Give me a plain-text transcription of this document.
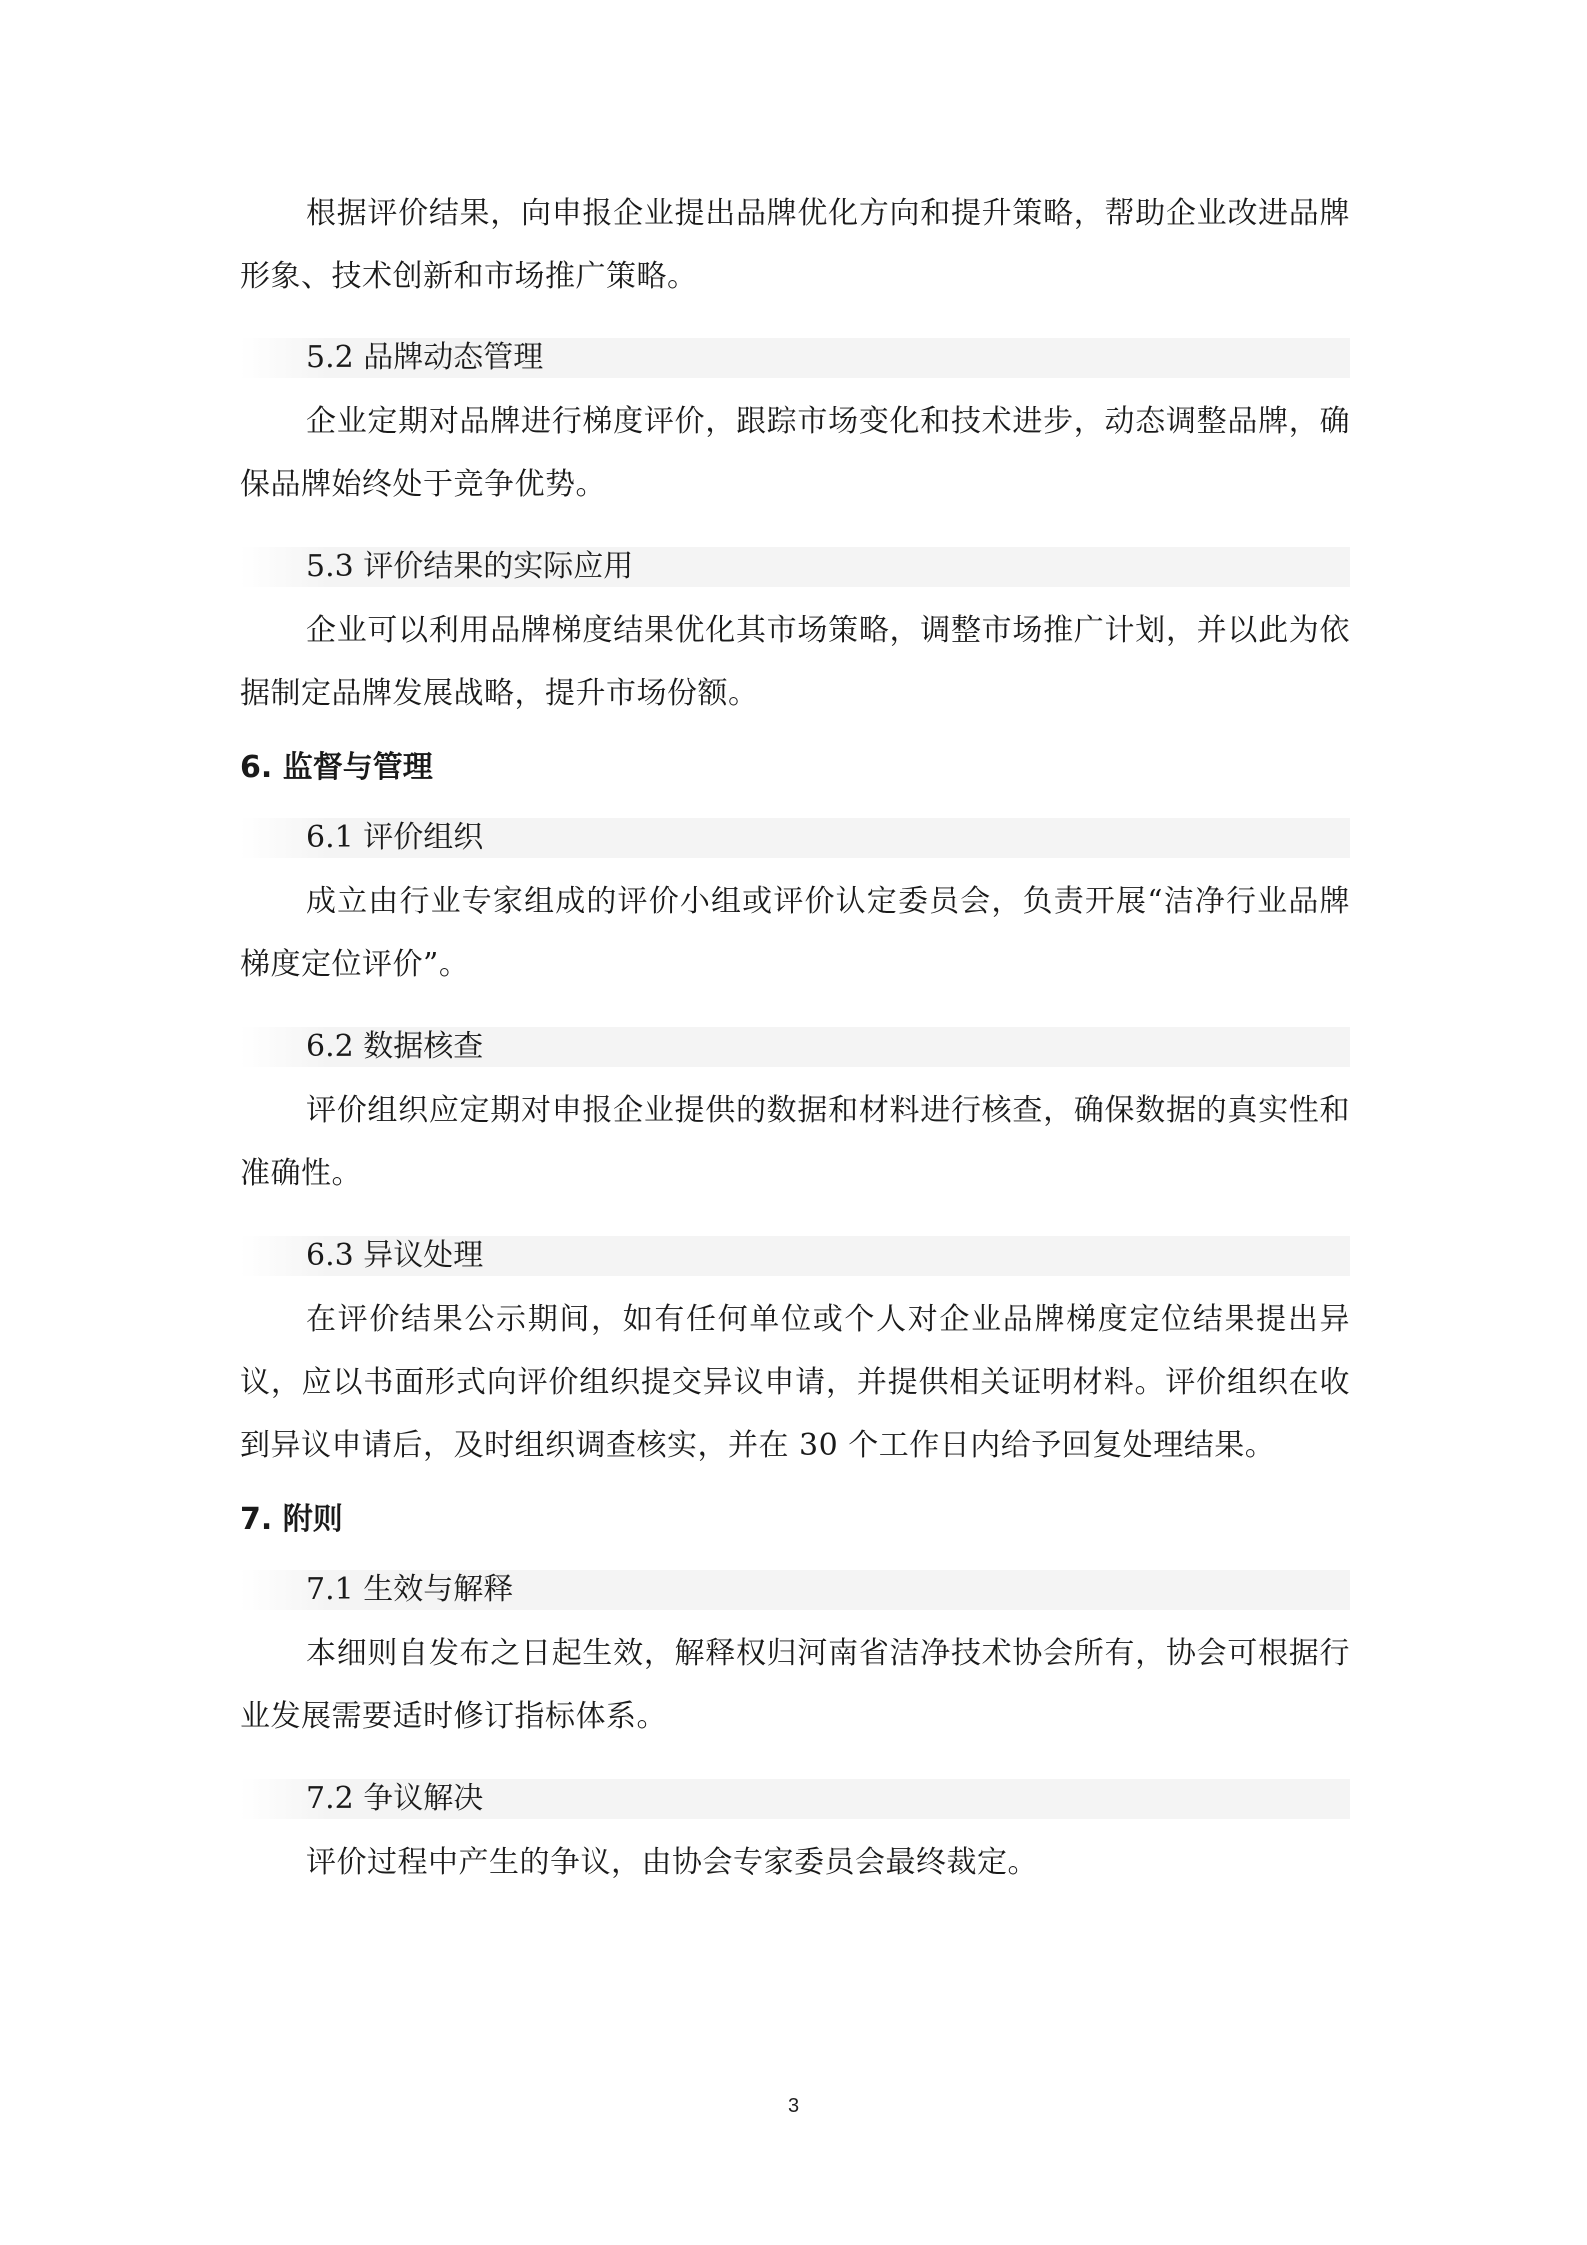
根据评价结果，向申报企业提出品牌优化方向和提升策略，帮助企业改进品牌形象、技术创新和市场推广策略。

5.2 品牌动态管理

企业定期对品牌进行梯度评价，跟踪市场变化和技术进步，动态调整品牌，确保品牌始终处于竞争优势。

5.3 评价结果的实际应用

企业可以利用品牌梯度结果优化其市场策略，调整市场推广计划，并以此为依据制定品牌发展战略，提升市场份额。

6. 监督与管理
6.1 评价组织

成立由行业专家组成的评价小组或评价认定委员会，负责开展“洁净行业品牌梯度定位评价”。

6.2 数据核查

评价组织应定期对申报企业提供的数据和材料进行核查，确保数据的真实性和准确性。

6.3 异议处理

在评价结果公示期间，如有任何单位或个人对企业品牌梯度定位结果提出异议，应以书面形式向评价组织提交异议申请，并提供相关证明材料。评价组织在收到异议申请后，及时组织调查核实，并在 30 个工作日内给予回复处理结果。

7. 附则
7.1 生效与解释

本细则自发布之日起生效，解释权归河南省洁净技术协会所有，协会可根据行业发展需要适时修订指标体系。

7.2 争议解决

评价过程中产生的争议，由协会专家委员会最终裁定。

3
